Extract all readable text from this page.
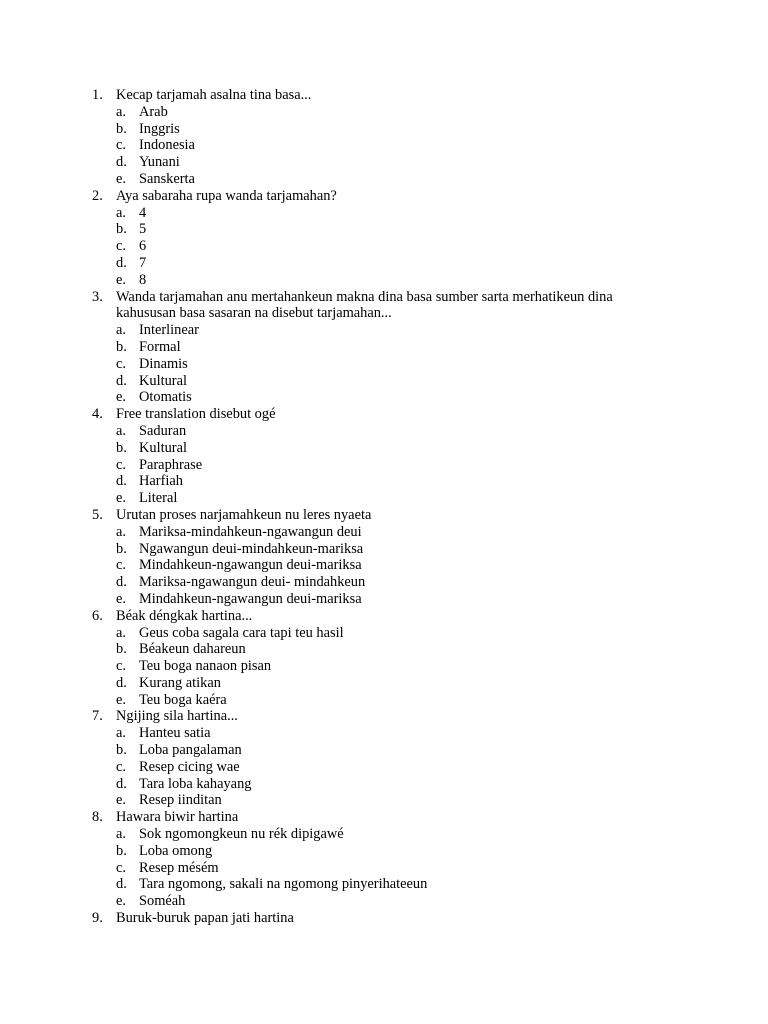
1. Kecap tarjamah asalna tina basa...
a. Arab
b. Inggris
c. Indonesia
d. Yunani
e. Sanskerta
2. Aya sabaraha rupa wanda tarjamahan?
a. 4
b. 5
c. 6
d. 7
e. 8
3. Wanda tarjamahan anu mertahankeun makna dina basa sumber sarta merhatikeun dina kahususan basa sasaran na disebut tarjamahan...
a. Interlinear
b. Formal
c. Dinamis
d. Kultural
e. Otomatis
4. Free translation disebut ogé
a. Saduran
b. Kultural
c. Paraphrase
d. Harfiah
e. Literal
5. Urutan proses narjamahkeun nu leres nyaeta
a. Mariksa-mindahkeun-ngawangun deui
b. Ngawangun deui-mindahkeun-mariksa
c. Mindahkeun-ngawangun deui-mariksa
d. Mariksa-ngawangun deui- mindahkeun
e. Mindahkeun-ngawangun deui-mariksa
6. Béak déngkak hartina...
a. Geus coba sagala cara tapi teu hasil
b. Béakeun dahareun
c. Teu boga nanaon pisan
d. Kurang atikan
e. Teu boga kaéra
7. Ngijing sila hartina...
a. Hanteu satia
b. Loba pangalaman
c. Resep cicing wae
d. Tara loba kahayang
e. Resep iinditan
8. Hawara biwir hartina
a. Sok ngomongkeun nu rék dipigawé
b. Loba omong
c. Resep mésém
d. Tara ngomong, sakali na ngomong pinyerihateeun
e. Soméah
9. Buruk-buruk papan jati hartina
